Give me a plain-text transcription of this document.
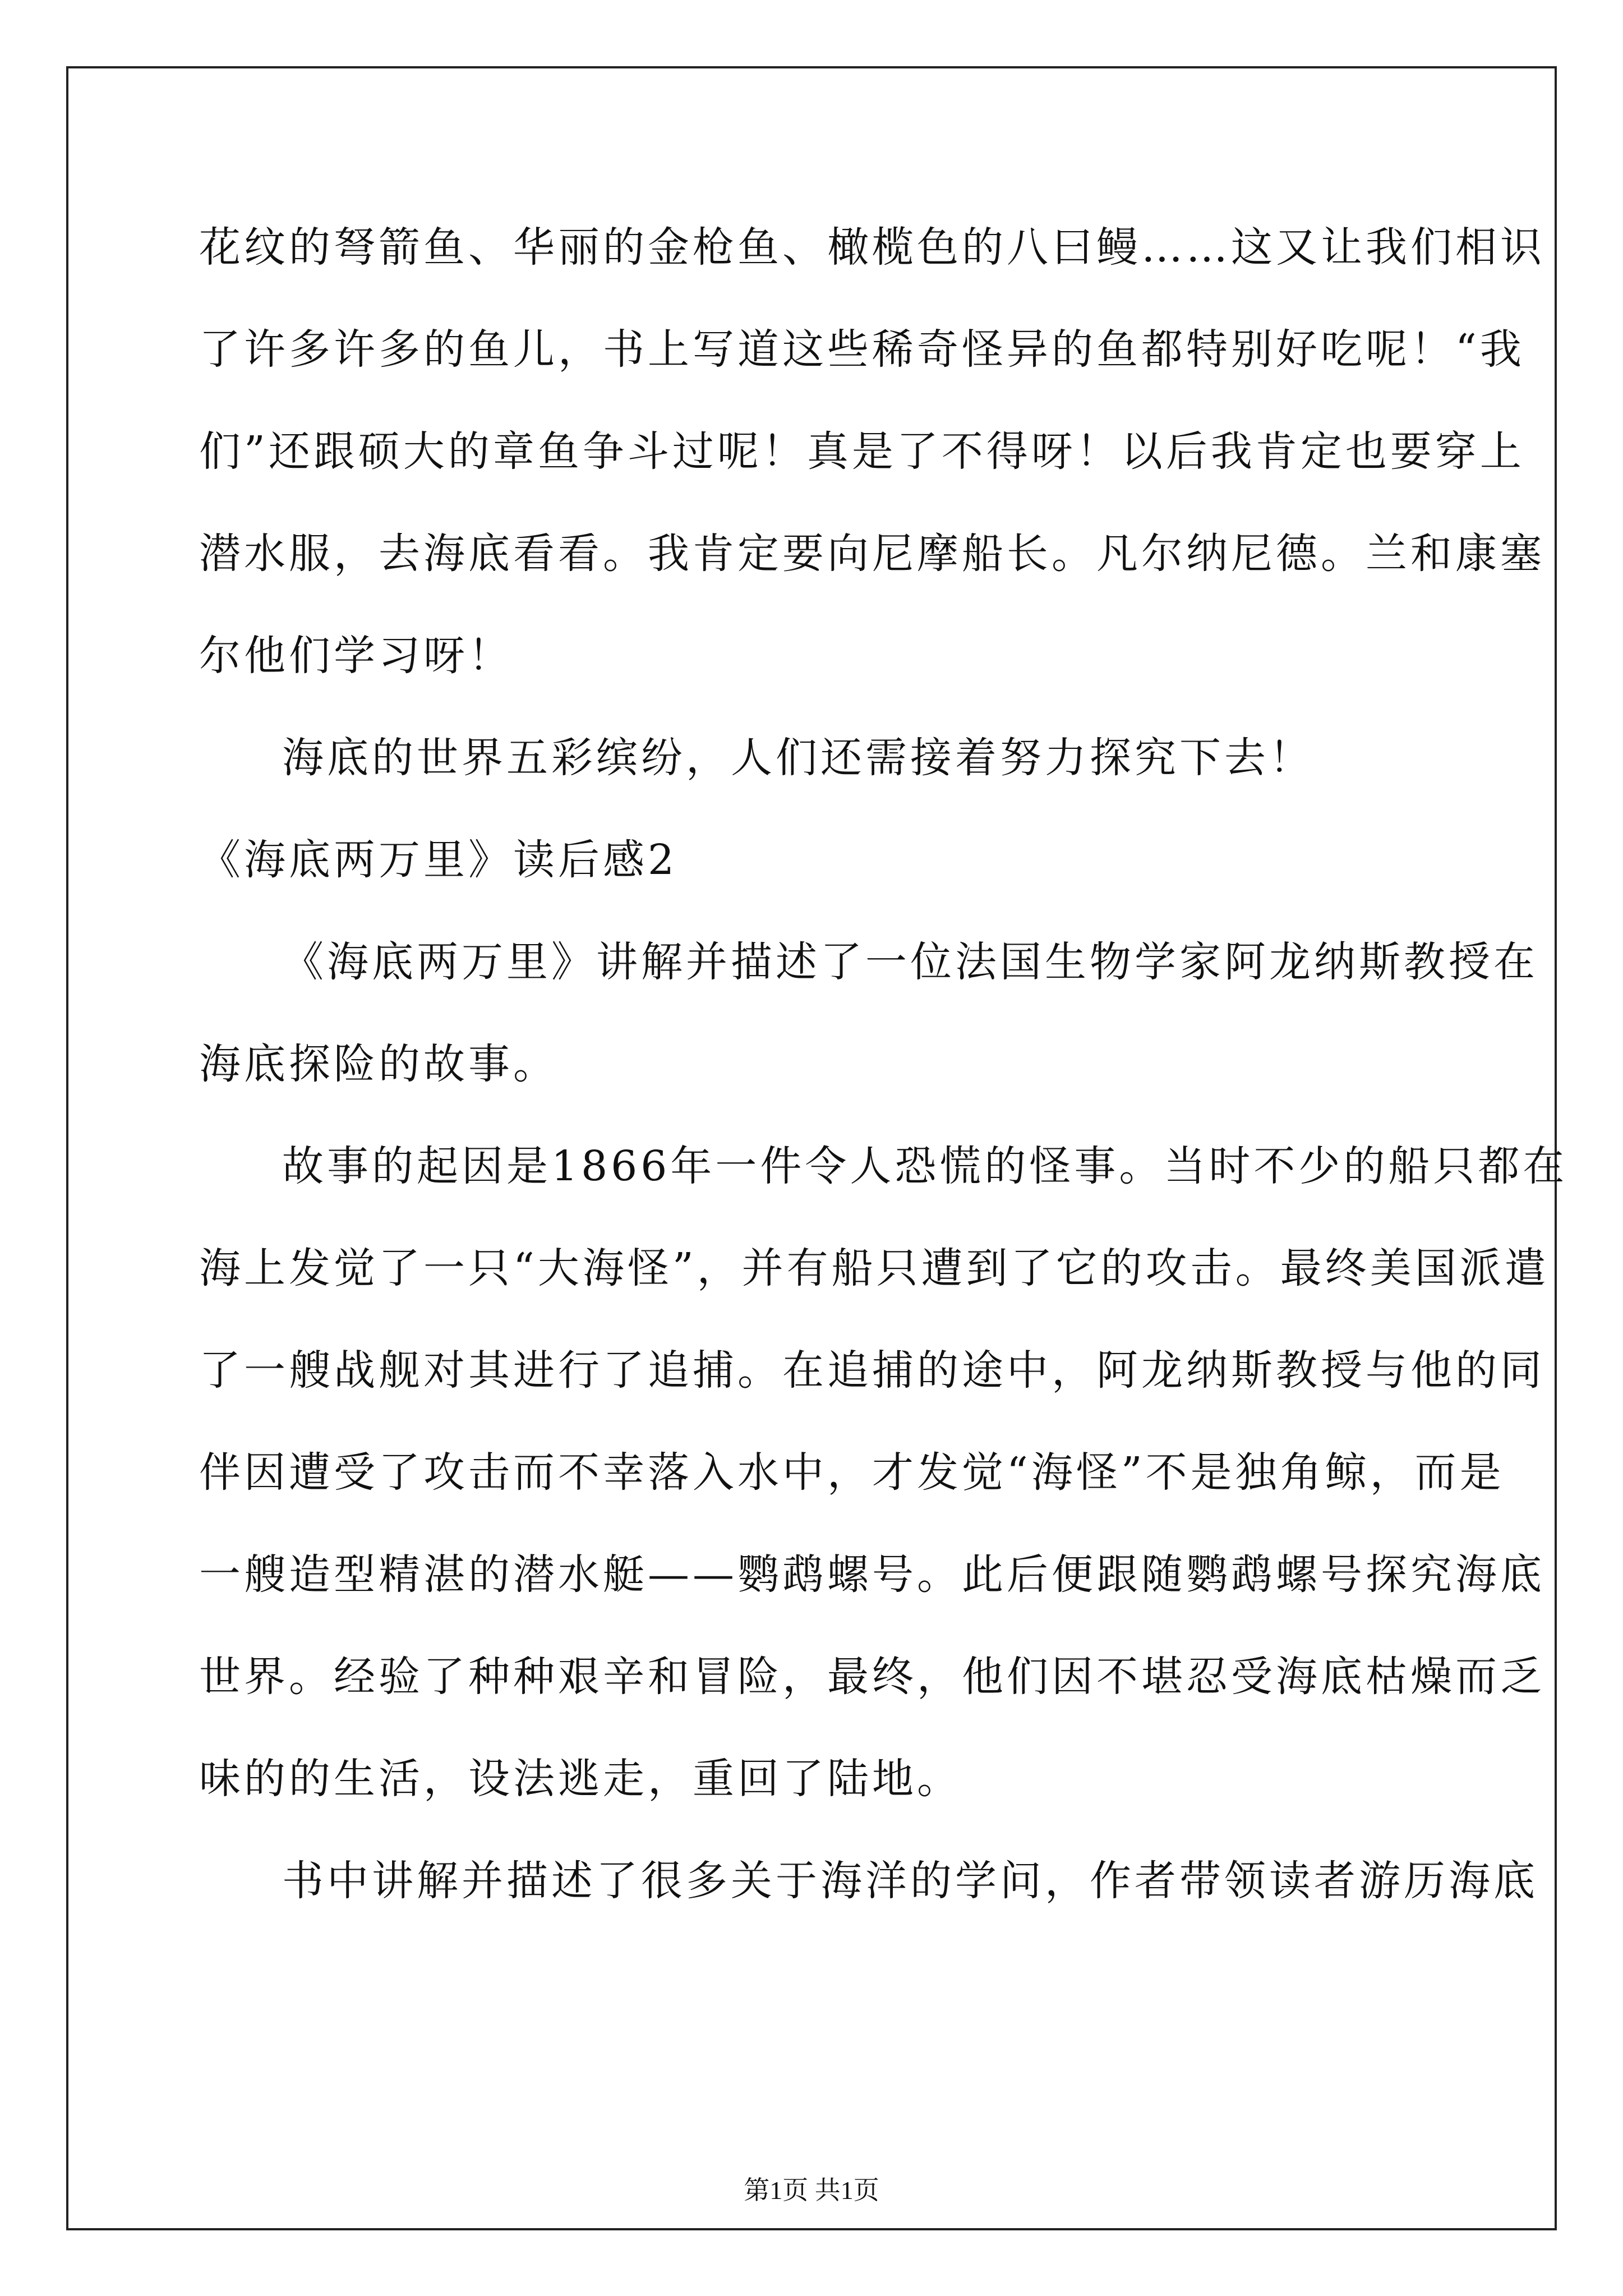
花纹的弩箭鱼、华丽的金枪鱼、橄榄色的八曰鳗……这又让我们相识
了许多许多的鱼儿，书上写道这些稀奇怪异的鱼都特别好吃呢！“我
们”还跟硕大的章鱼争斗过呢！真是了不得呀！以后我肯定也要穿上
潜水服，去海底看看。我肯定要向尼摩船长。凡尔纳尼德。兰和康塞
尔他们学习呀！
海底的世界五彩缤纷，人们还需接着努力探究下去！
《海底两万里》读后感2
《海底两万里》讲解并描述了一位法国生物学家阿龙纳斯教授在
海底探险的故事。
故事的起因是1866年一件令人恐慌的怪事。当时不少的船只都在
海上发觉了一只“大海怪”，并有船只遭到了它的攻击。最终美国派遣
了一艘战舰对其进行了追捕。在追捕的途中，阿龙纳斯教授与他的同
伴因遭受了攻击而不幸落入水中，才发觉“海怪”不是独角鲸，而是
一艘造型精湛的潜水艇——鹦鹉螺号。此后便跟随鹦鹉螺号探究海底
世界。经验了种种艰辛和冒险，最终，他们因不堪忍受海底枯燥而乏
味的的生活，设法逃走，重回了陆地。
书中讲解并描述了很多关于海洋的学问，作者带领读者游历海底
第1页 共1页
